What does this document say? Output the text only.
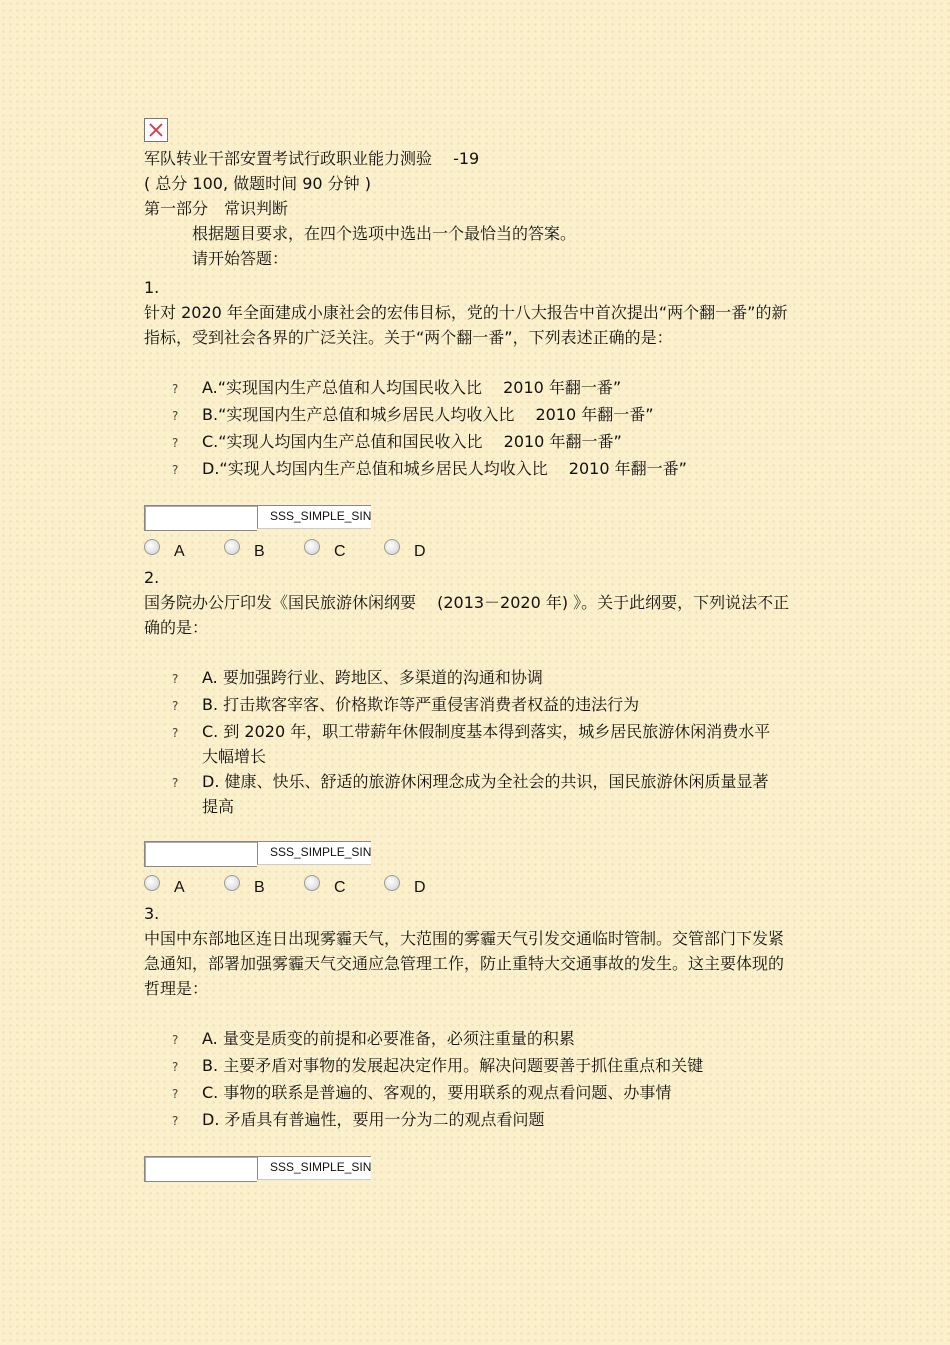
军队转业干部安置考试行政职业能力测验　 -19
( 总分 100, 做题时间 90 分钟 )
第一部分　常识判断
根据题目要求，在四个选项中选出一个最恰当的答案。
请开始答题：
1.
针对 2020 年全面建成小康社会的宏伟目标，党的十八大报告中首次提出“两个翻一番”的新指标，受到社会各界的广泛关注。关于“两个翻一番”，下列表述正确的是：
?	A.“实现国内生产总值和人均国民收入比　 2010 年翻一番”
?	B.“实现国内生产总值和城乡居民人均收入比　 2010 年翻一番”
?	C.“实现人均国内生产总值和国民收入比　 2010 年翻一番”
?	D.“实现人均国内生产总值和城乡居民人均收入比　 2010 年翻一番”
SSS_SIMPLE_SIN
A	B	C	D
2.
国务院办公厅印发《国民旅游休闲纲要　 (2013－2020 年) 》。关于此纲要，下列说法不正确的是：
?	A. 要加强跨行业、跨地区、多渠道的沟通和协调
?	B. 打击欺客宰客、价格欺诈等严重侵害消费者权益的违法行为
?	C. 到 2020 年，职工带薪年休假制度基本得到落实，城乡居民旅游休闲消费水平大幅增长
?	D. 健康、快乐、舒适的旅游休闲理念成为全社会的共识，国民旅游休闲质量显著提高
SSS_SIMPLE_SIN
A	B	C	D
3.
中国中东部地区连日出现雾霾天气，大范围的雾霾天气引发交通临时管制。交管部门下发紧急通知，部署加强雾霾天气交通应急管理工作，防止重特大交通事故的发生。这主要体现的哲理是：
?	A. 量变是质变的前提和必要准备，必须注重量的积累
?	B. 主要矛盾对事物的发展起决定作用。解决问题要善于抓住重点和关键
?	C. 事物的联系是普遍的、客观的，要用联系的观点看问题、办事情
?	D. 矛盾具有普遍性，要用一分为二的观点看问题
SSS_SIMPLE_SIN
